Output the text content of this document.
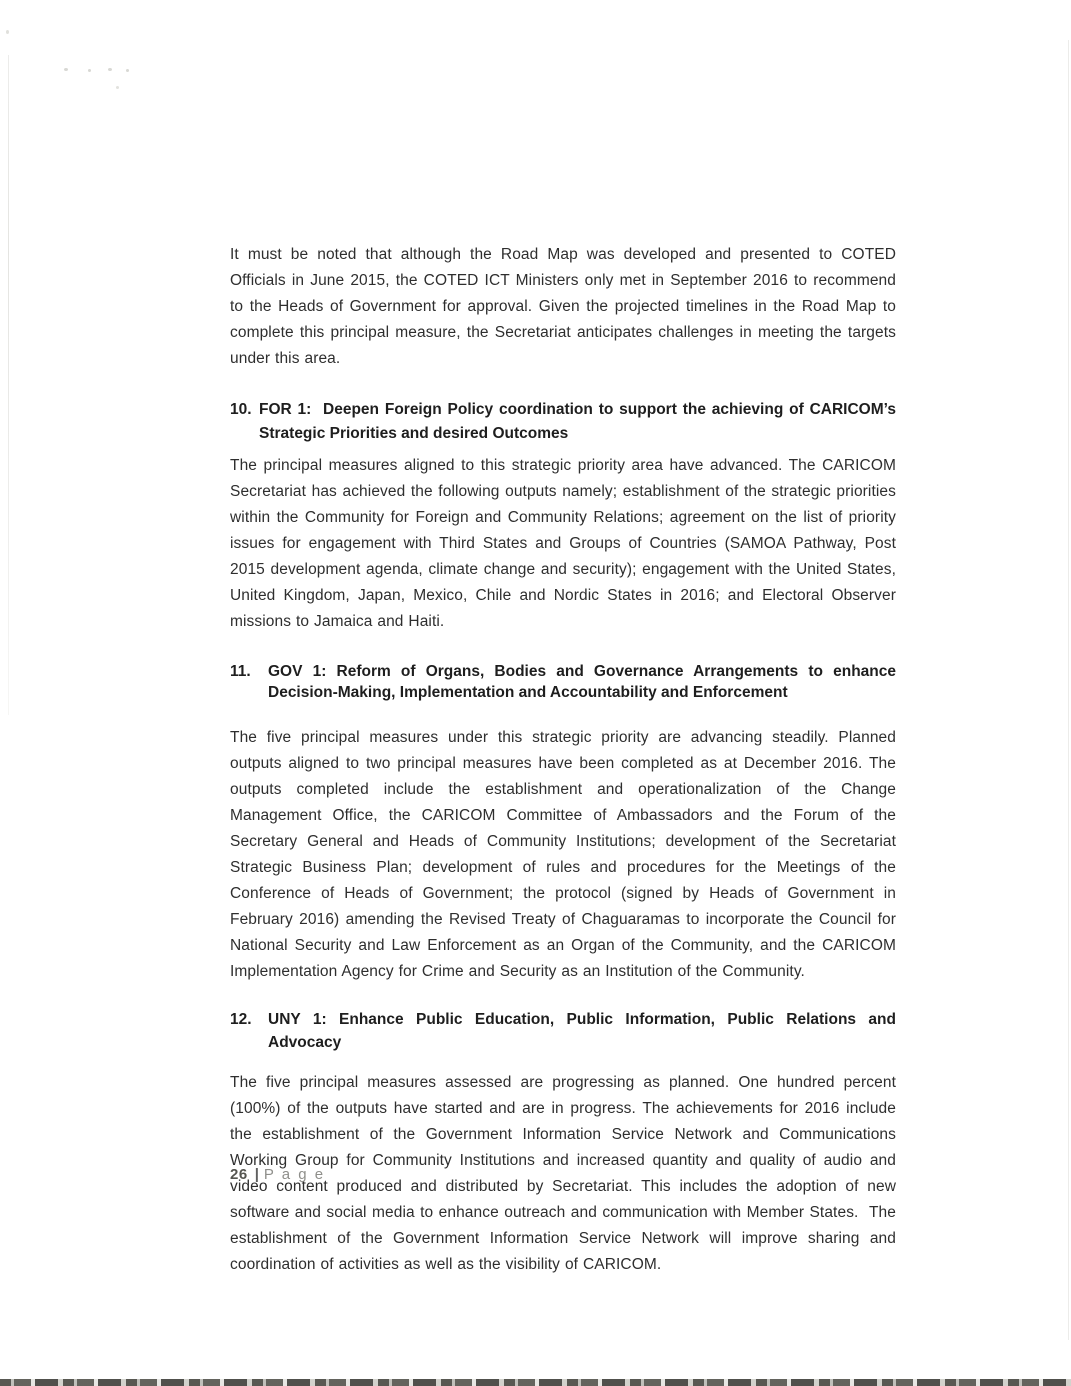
It must be noted that although the Road Map was developed and presented to COTED Officials in June 2015, the COTED ICT Ministers only met in September 2016 to recommend to the Heads of Government for approval. Given the projected timelines in the Road Map to complete this principal measure, the Secretariat anticipates challenges in meeting the targets under this area.

10. FOR 1:  Deepen Foreign Policy coordination to support the achieving of CARICOM’s Strategic Priorities and desired Outcomes

The principal measures aligned to this strategic priority area have advanced. The CARICOM Secretariat has achieved the following outputs namely; establishment of the strategic priorities within the Community for Foreign and Community Relations; agreement on the list of priority issues for engagement with Third States and Groups of Countries (SAMOA Pathway, Post 2015 development agenda, climate change and security); engagement with the United States, United Kingdom, Japan, Mexico, Chile and Nordic States in 2016; and Electoral Observer missions to Jamaica and Haiti.

11.	GOV 1: Reform of Organs, Bodies and Governance Arrangements to enhance Decision-Making, Implementation and Accountability and Enforcement

The five principal measures under this strategic priority are advancing steadily. Planned outputs aligned to two principal measures have been completed as at December 2016. The outputs completed include the establishment and operationalization of the Change Management Office, the CARICOM Committee of Ambassadors and the Forum of the Secretary General and Heads of Community Institutions; development of the Secretariat Strategic Business Plan; development of rules and procedures for the Meetings of the Conference of Heads of Government; the protocol (signed by Heads of Government in February 2016) amending the Revised Treaty of Chaguaramas to incorporate the Council for National Security and Law Enforcement as an Organ of the Community, and the CARICOM Implementation Agency for Crime and Security as an Institution of the Community.

12.	UNY 1: Enhance Public Education, Public Information, Public Relations and Advocacy

The five principal measures assessed are progressing as planned. One hundred percent (100%) of the outputs have started and are in progress. The achievements for 2016 include the establishment of the Government Information Service Network and Communications Working Group for Community Institutions and increased quantity and quality of audio and video content produced and distributed by Secretariat. This includes the adoption of new software and social media to enhance outreach and communication with Member States.  The establishment of the Government Information Service Network will improve sharing and coordination of activities as well as the visibility of CARICOM.

26 | P a g e
